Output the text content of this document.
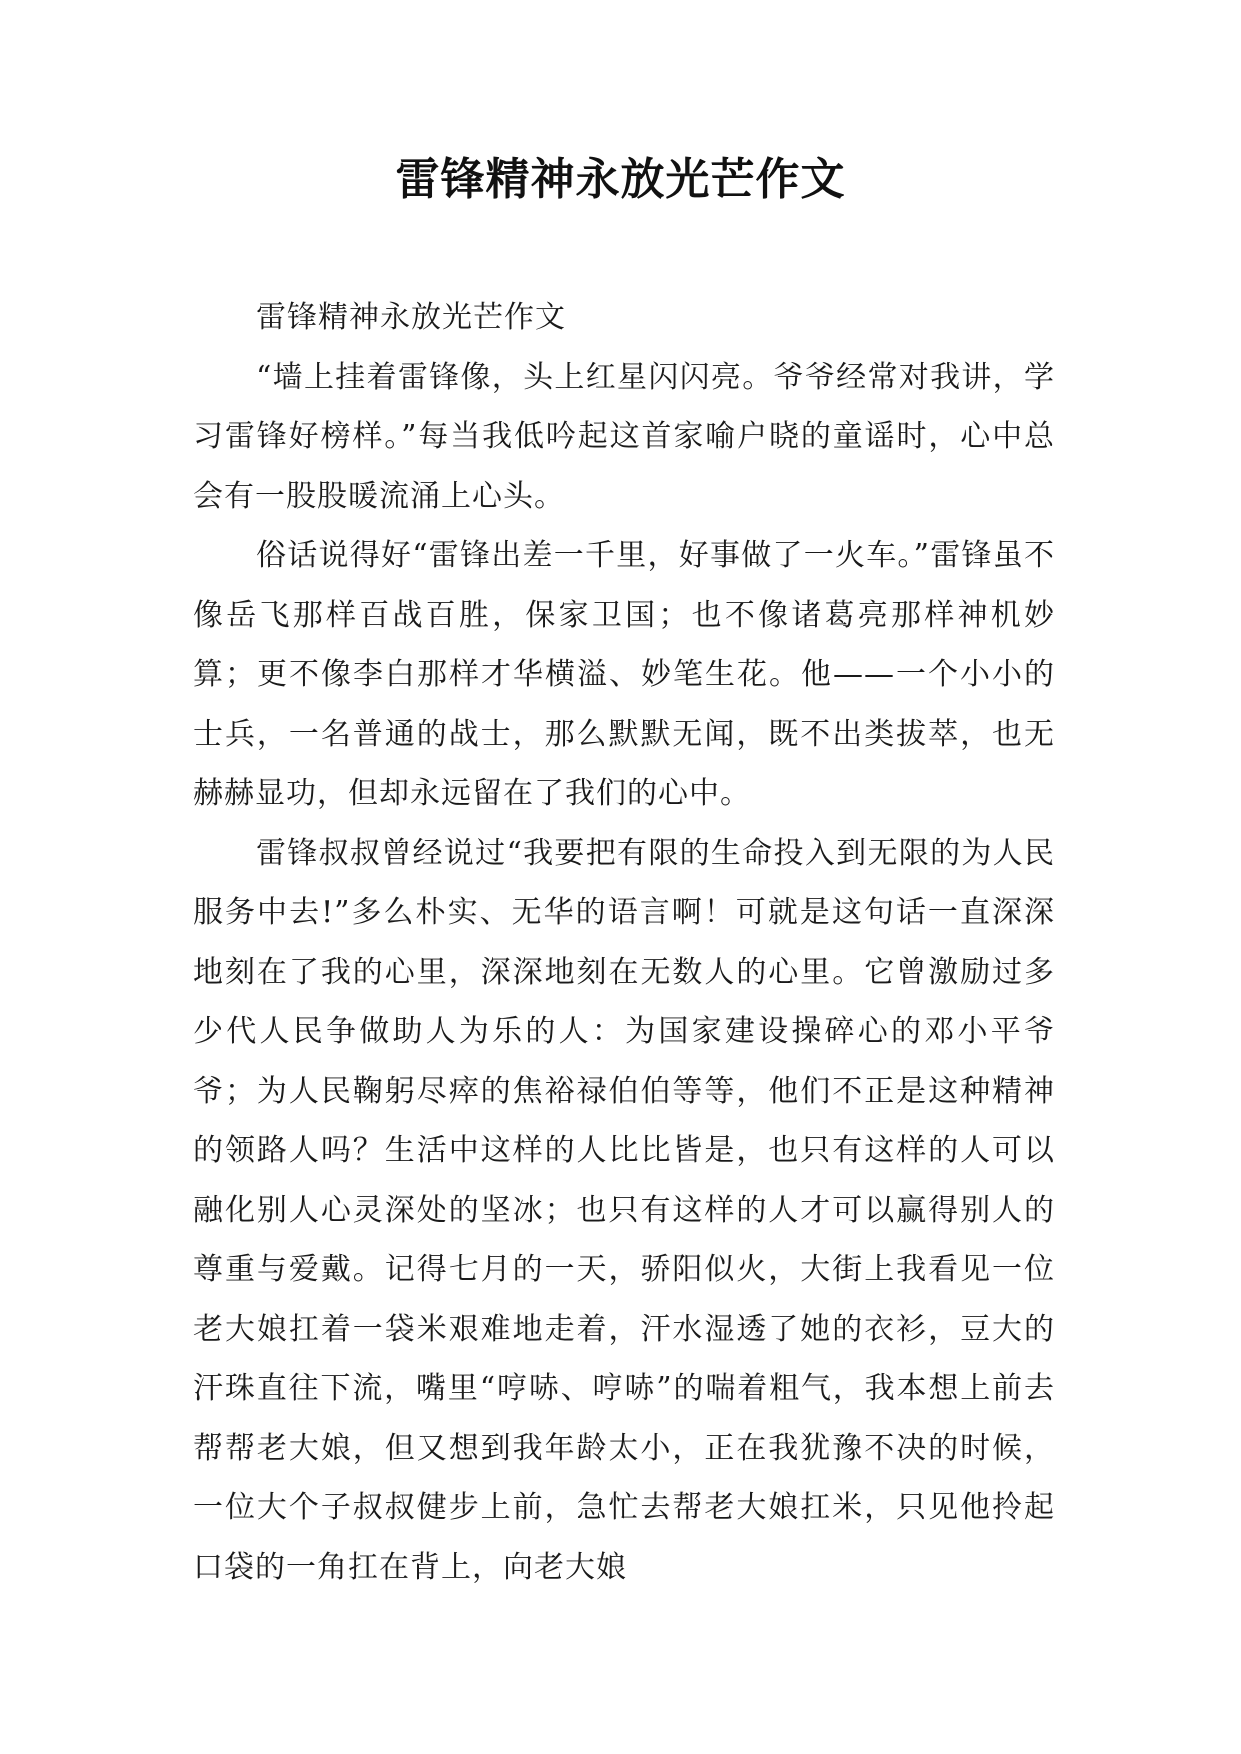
雷锋精神永放光芒作文

雷锋精神永放光芒作文

“墙上挂着雷锋像，头上红星闪闪亮。爷爷经常对我讲，学习雷锋好榜样。”每当我低吟起这首家喻户晓的童谣时，心中总会有一股股暖流涌上心头。

俗话说得好“雷锋出差一千里，好事做了一火车。”雷锋虽不像岳飞那样百战百胜，保家卫国；也不像诸葛亮那样神机妙算；更不像李白那样才华横溢、妙笔生花。他——一个小小的士兵，一名普通的战士，那么默默无闻，既不出类拔萃，也无赫赫显功，但却永远留在了我们的心中。

雷锋叔叔曾经说过“我要把有限的生命投入到无限的为人民服务中去!”多么朴实、无华的语言啊！可就是这句话一直深深地刻在了我的心里，深深地刻在无数人的心里。它曾激励过多少代人民争做助人为乐的人：为国家建设操碎心的邓小平爷爷；为人民鞠躬尽瘁的焦裕禄伯伯等等，他们不正是这种精神的领路人吗？生活中这样的人比比皆是，也只有这样的人可以融化别人心灵深处的坚冰；也只有这样的人才可以赢得别人的尊重与爱戴。记得七月的一天，骄阳似火，大街上我看见一位老大娘扛着一袋米艰难地走着，汗水湿透了她的衣衫，豆大的汗珠直往下流，嘴里“哼哧、哼哧”的喘着粗气，我本想上前去帮帮老大娘，但又想到我年龄太小，正在我犹豫不决的时候，一位大个子叔叔健步上前，急忙去帮老大娘扛米，只见他拎起口袋的一角扛在背上，向老大娘
